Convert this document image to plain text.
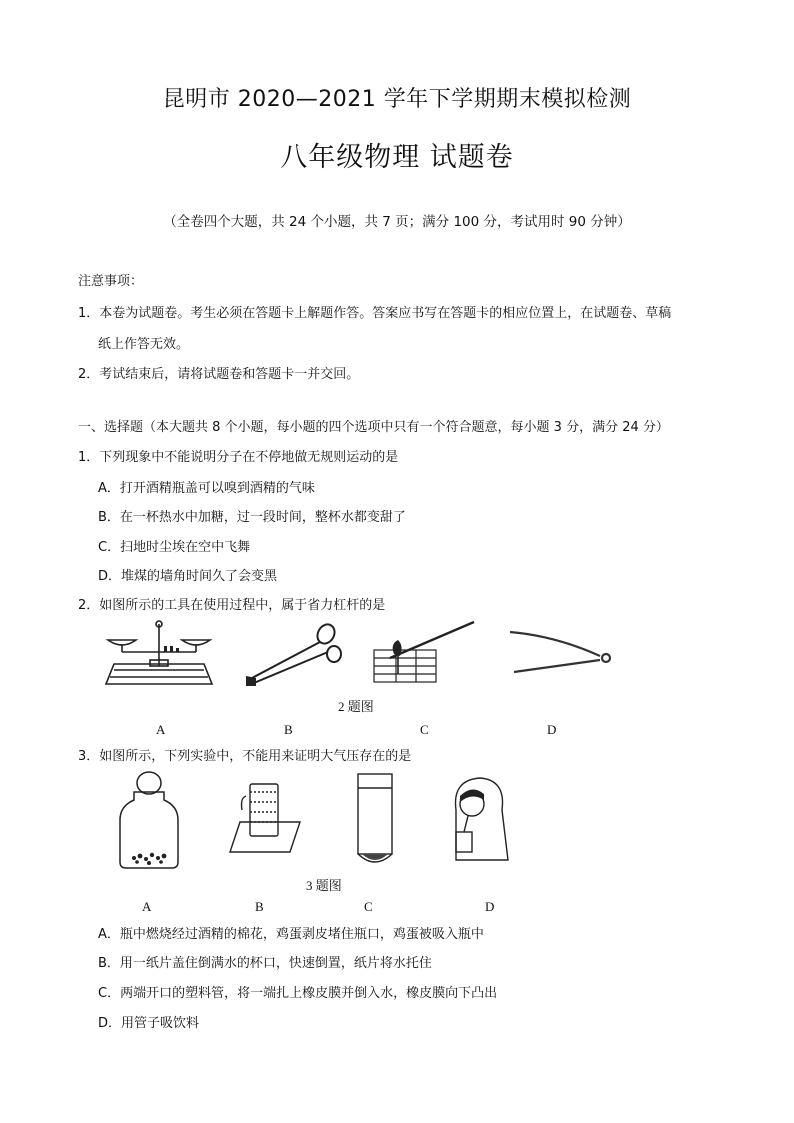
昆明市 2020—2021 学年下学期期末模拟检测
八年级物理 试题卷
（全卷四个大题，共 24 个小题，共 7 页；满分 100 分，考试用时 90 分钟）
注意事项：
1．本卷为试题卷。考生必须在答题卡上解题作答。答案应书写在答题卡的相应位置上，在试题卷、草稿
纸上作答无效。
2．考试结束后，请将试题卷和答题卡一并交回。
一、选择题（本大题共 8 个小题，每小题的四个选项中只有一个符合题意，每小题 3 分，满分 24 分）
1．下列现象中不能说明分子在不停地做无规则运动的是
A．打开酒精瓶盖可以嗅到酒精的气味
B．在一杯热水中加糖，过一段时间，整杯水都变甜了
C．扫地时尘埃在空中飞舞
D．堆煤的墙角时间久了会变黑
2．如图所示的工具在使用过程中，属于省力杠杆的是
2 题图
A	B	C	D
3．如图所示，下列实验中，不能用来证明大气压存在的是
3 题图
A	B	C	D
A．瓶中燃烧经过酒精的棉花，鸡蛋剥皮堵住瓶口，鸡蛋被吸入瓶中
B．用一纸片盖住倒满水的杯口，快速倒置，纸片将水托住
C．两端开口的塑料管，将一端扎上橡皮膜并倒入水，橡皮膜向下凸出
D．用管子吸饮料
